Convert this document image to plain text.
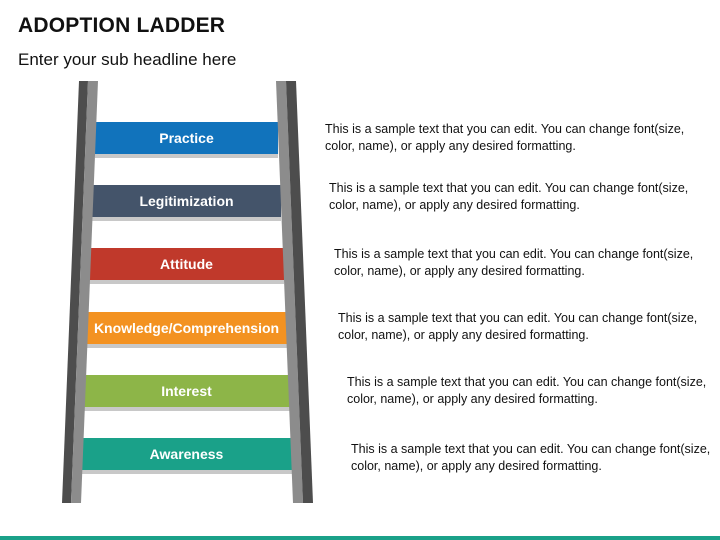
ADOPTION LADDER
Enter your sub headline here
Practice
Legitimization
Attitude
Knowledge/Comprehension
Interest
Awareness
This is a sample text that you can edit. You can change font(size, color, name), or apply any desired formatting.
This is a sample text that you can edit. You can change font(size, color, name), or apply any desired formatting.
This is a sample text that you can edit. You can change font(size, color, name), or apply any desired formatting.
This is a sample text that you can edit. You can change font(size, color, name), or apply any desired formatting.
This is a sample text that you can edit. You can change font(size, color, name), or apply any desired formatting.
This is a sample text that you can edit. You can change font(size, color, name), or apply any desired formatting.
